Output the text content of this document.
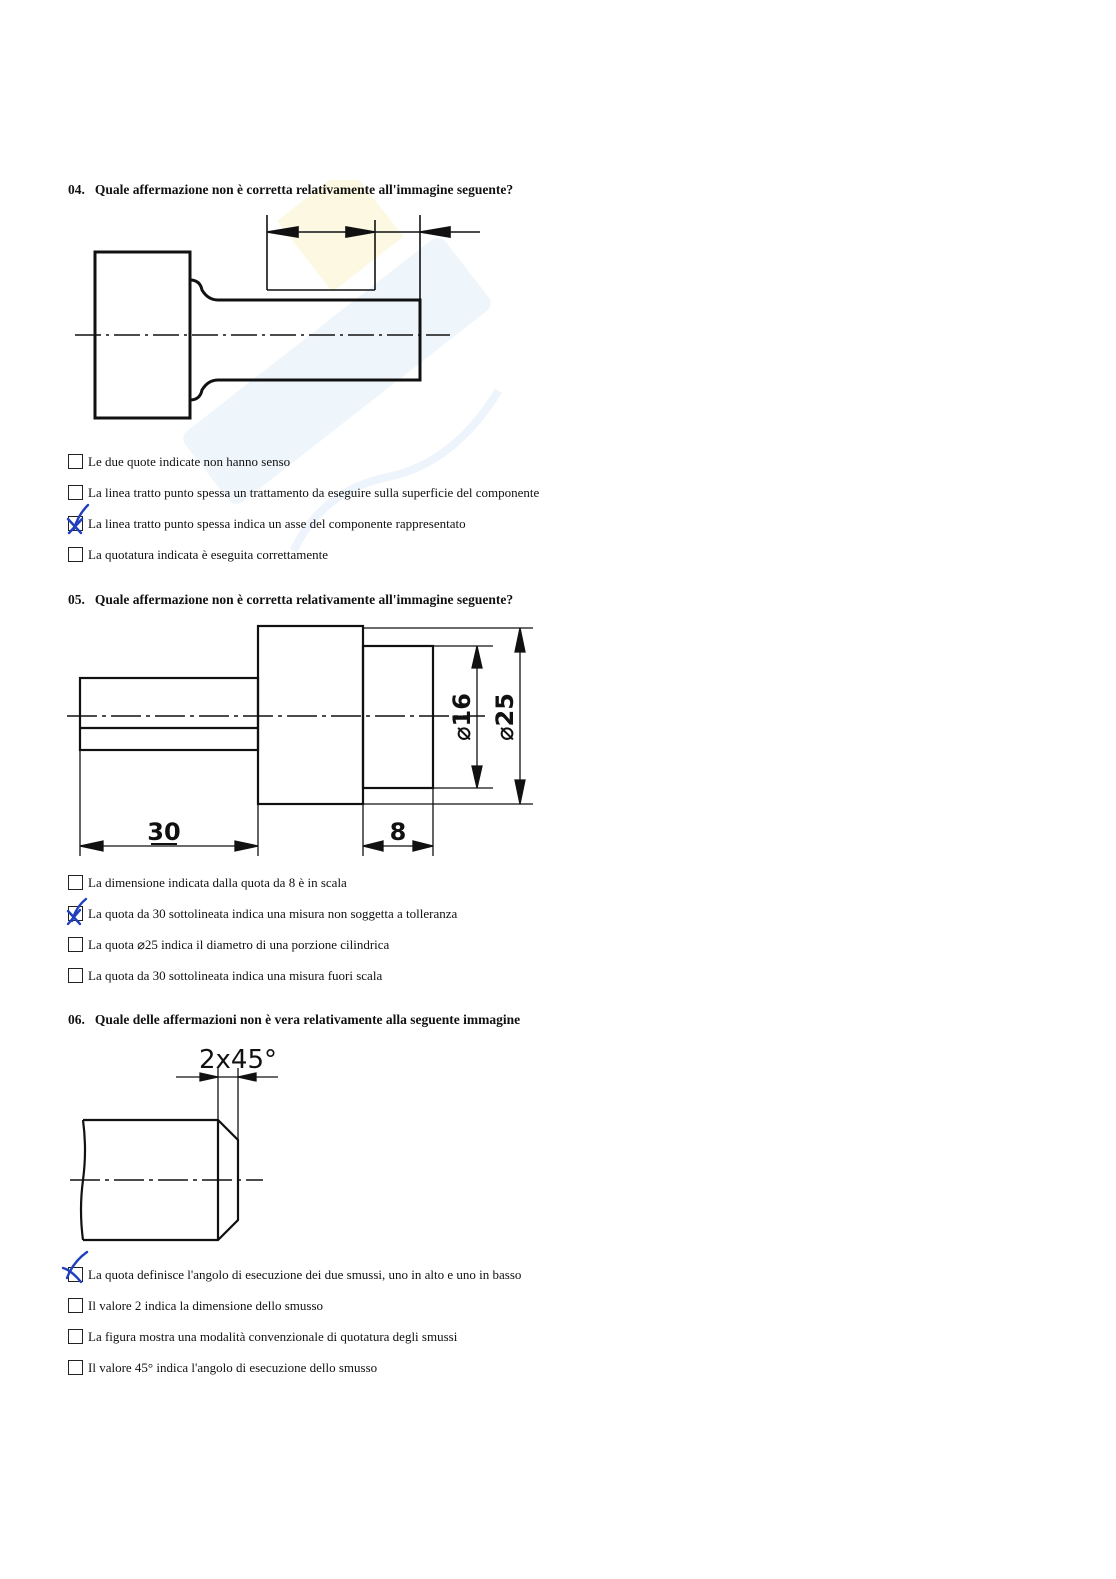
04. Quale affermazione non è corretta relativamente all'immagine seguente?
Le due quote indicate non hanno senso
La linea tratto punto spessa un trattamento da eseguire sulla superficie del componente
La linea tratto punto spessa indica un asse del componente rappresentato
La quotatura indicata è eseguita correttamente
05. Quale affermazione non è corretta relativamente all'immagine seguente?
30	8
⌀16 ⌀25
La dimensione indicata dalla quota da 8 è in scala
La quota da 30 sottolineata indica una misura non soggetta a tolleranza
La quota ⌀25 indica il diametro di una porzione cilindrica
La quota da 30 sottolineata indica una misura fuori scala
06. Quale delle affermazioni non è vera relativamente alla seguente immagine
2x45°
La quota definisce l'angolo di esecuzione dei due smussi, uno in alto e uno in basso
Il valore 2 indica la dimensione dello smusso
La figura mostra una modalità convenzionale di quotatura degli smussi
Il valore 45° indica l'angolo di esecuzione dello smusso
